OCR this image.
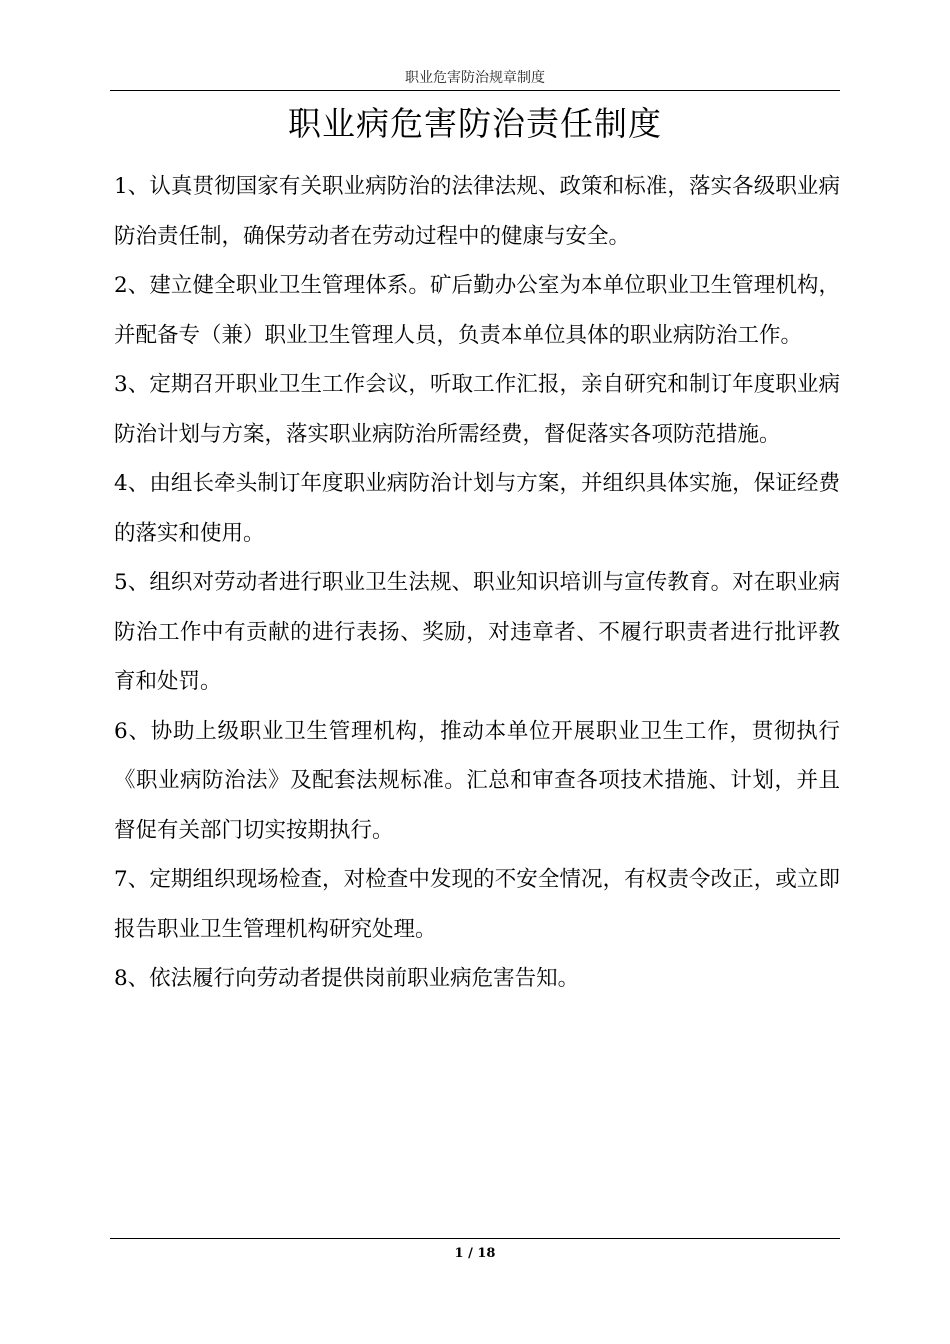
职业危害防治规章制度
职业病危害防治责任制度

1、认真贯彻国家有关职业病防治的法律法规、政策和标准，落实各级职业病防治责任制，确保劳动者在劳动过程中的健康与安全。

2、建立健全职业卫生管理体系。矿后勤办公室为本单位职业卫生管理机构，并配备专（兼）职业卫生管理人员，负责本单位具体的职业病防治工作。

3、定期召开职业卫生工作会议，听取工作汇报，亲自研究和制订年度职业病防治计划与方案，落实职业病防治所需经费，督促落实各项防范措施。

4、由组长牵头制订年度职业病防治计划与方案，并组织具体实施，保证经费的落实和使用。

5、组织对劳动者进行职业卫生法规、职业知识培训与宣传教育。对在职业病防治工作中有贡献的进行表扬、奖励，对违章者、不履行职责者进行批评教育和处罚。

6、协助上级职业卫生管理机构，推动本单位开展职业卫生工作，贯彻执行《职业病防治法》及配套法规标准。汇总和审查各项技术措施、计划，并且督促有关部门切实按期执行。

7、定期组织现场检查，对检查中发现的不安全情况，有权责令改正，或立即报告职业卫生管理机构研究处理。

8、依法履行向劳动者提供岗前职业病危害告知。

1 / 18
